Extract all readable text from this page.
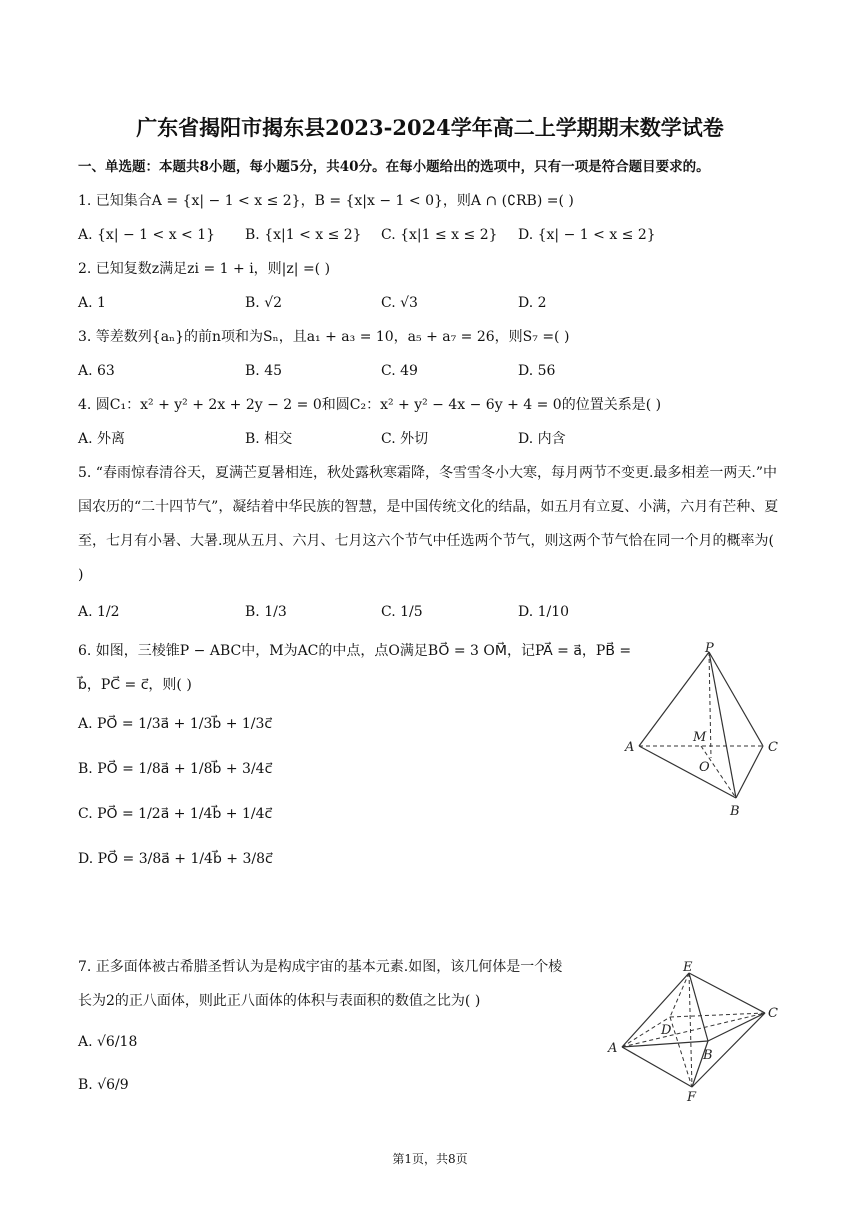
广东省揭阳市揭东县2023-2024学年高二上学期期末数学试卷
一、单选题：本题共8小题，每小题5分，共40分。在每小题给出的选项中，只有一项是符合题目要求的。
1. 已知集合A = {x| − 1 < x ≤ 2}，B = {x|x − 1 < 0}，则A ∩ (∁RB) =( )
A. {x| − 1 < x < 1} B. {x|1 < x ≤ 2} C. {x|1 ≤ x ≤ 2} D. {x| − 1 < x ≤ 2}
2. 已知复数z满足zi = 1 + i，则|z| =( )
A. 1	B. √2	C. √3	D. 2
3. 等差数列{aₙ}的前n项和为Sₙ，且a₁ + a₃ = 10，a₅ + a₇ = 26，则S₇ =( )
A. 63	B. 45	C. 49	D. 56
4. 圆C₁：x² + y² + 2x + 2y − 2 = 0和圆C₂：x² + y² − 4x − 6y + 4 = 0的位置关系是( )
A. 外离	B. 相交	C. 外切	D. 内含
5. “春雨惊春清谷天，夏满芒夏暑相连，秋处露秋寒霜降，冬雪雪冬小大寒，每月两节不变更.最多相差一两天.”中国农历的“二十四节气”，凝结着中华民族的智慧，是中国传统文化的结晶，如五月有立夏、小满，六月有芒种、夏至，七月有小暑、大暑.现从五月、六月、七月这六个节气中任选两个节气，则这两个节气恰在同一个月的概率为( )
A. 1/2	B. 1/3	C. 1/5	D. 1/10
6. 如图，三棱锥P − ABC中，M为AC的中点，点O满足BO⃗ = 3 OM⃗，记PA⃗ = a⃗，PB⃗ =
b⃗，PC⃗ = c⃗，则( )
A. PO⃗ = 1/3a⃗ + 1/3b⃗ + 1/3c⃗
B. PO⃗ = 1/8a⃗ + 1/8b⃗ + 3/4c⃗
C. PO⃗ = 1/2a⃗ + 1/4b⃗ + 1/4c⃗
D. PO⃗ = 3/8a⃗ + 1/4b⃗ + 3/8c⃗
P
A
M
C
O
B
7. 正多面体被古希腊圣哲认为是构成宇宙的基本元素.如图，该几何体是一个棱
长为2的正八面体，则此正八面体的体积与表面积的数值之比为( )
A. √6/18
B. √6/9
E
D
C
A	B
F
第1页，共8页
